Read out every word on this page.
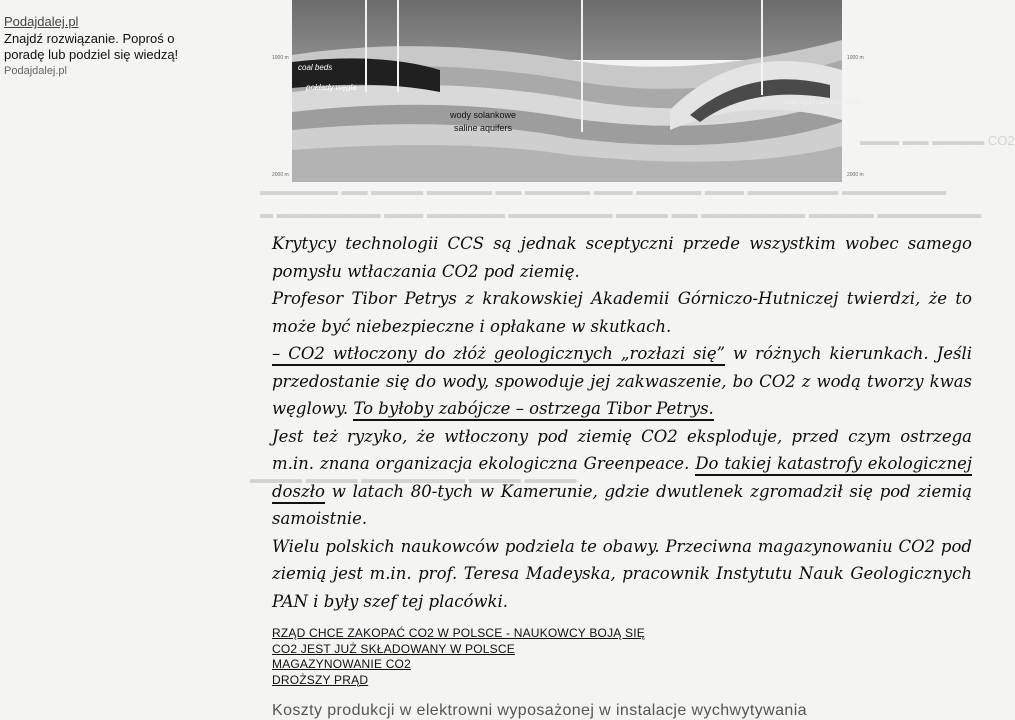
Podajdalej.pl
Znajdź rozwiązanie. Poproś o poradę lub podziel się wiedzą!
Podajdalej.pl
▬▬▬ ▬▬ ▬▬▬▬ CO2
▬▬▬▬▬▬ ▬▬ ▬▬▬▬ ▬▬▬▬▬ ▬▬ ▬▬▬▬▬ ▬▬▬ ▬▬▬▬▬ ▬▬▬ ▬▬▬▬▬▬▬ ▬▬▬▬▬▬▬▬
▬ ▬▬▬▬▬▬▬▬ ▬▬▬ ▬▬▬▬▬▬ ▬▬▬▬▬▬▬▬ ▬▬▬▬ ▬▬ ▬▬▬▬▬▬▬▬ ▬▬▬▬▬ ▬▬▬▬▬▬▬▬
▬▬▬▬ ▬▬▬▬ ▬▬▬▬▬▬▬▬ ▬▬▬▬ ▬▬▬▬
coal beds
pokłady węgla
wody solankowe
saline aquifers
złoża ropy i gazu naturalnego
1000 m
2000 m
1000 m
2000 m

Krytycy technologii CCS są jednak sceptyczni przede wszystkim wobec samego pomysłu wtłaczania CO2 pod ziemię.

Profesor Tibor Petrys z krakowskiej Akademii Górniczo-Hutniczej twierdzi, że to może być niebezpieczne i opłakane w skutkach.

– CO2 wtłoczony do złóż geologicznych „rozłazi się” w różnych kierunkach. Jeśli przedostanie się do wody, spowoduje jej zakwaszenie, bo CO2 z wodą tworzy kwas węglowy. To byłoby zabójcze – ostrzega Tibor Petrys.

Jest też ryzyko, że wtłoczony pod ziemię CO2 eksploduje, przed czym ostrzega m.in. znana organizacja ekologiczna Greenpeace. Do takiej katastrofy ekologicznej doszło w latach 80-tych w Kamerunie, gdzie dwutlenek zgromadził się pod ziemią samoistnie.

Wielu polskich naukowców podziela te obawy. Przeciwna magazynowaniu CO2 pod ziemią jest m.in. prof. Teresa Madeyska, pracownik Instytutu Nauk Geologicznych PAN i były szef tej placówki.

RZĄD CHCE ZAKOPAĆ CO2 W POLSCE - NAUKOWCY BOJĄ SIĘ
CO2 JEST JUŻ SKŁADOWANY W POLSCE
MAGAZYNOWANIE CO2
DROŻSZY PRĄD
Koszty produkcji w elektrowni wyposażonej w instalacje wychwytywania
